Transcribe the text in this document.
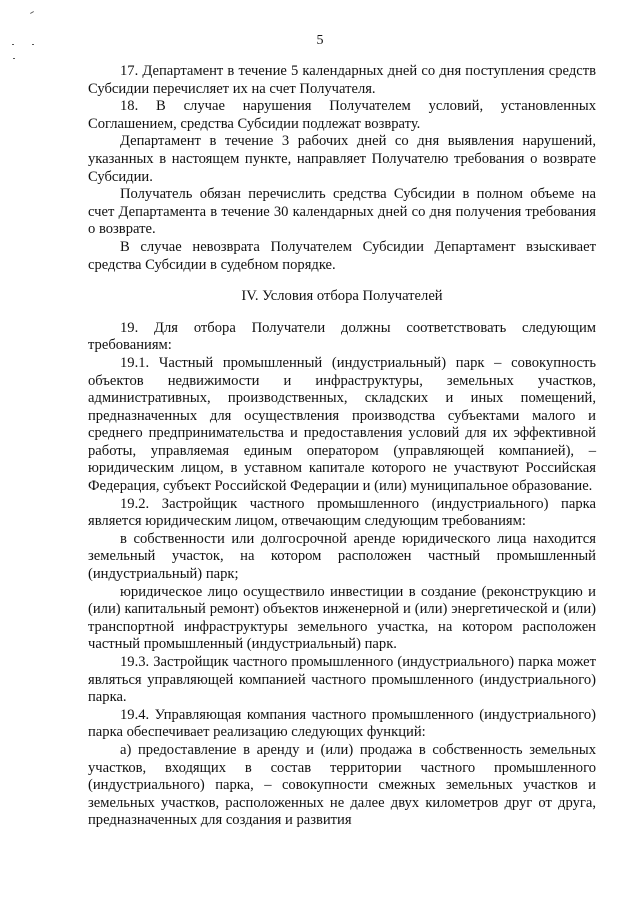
5

17. Департамент в течение 5 календарных дней со дня поступления средств Субсидии перечисляет их на счет Получателя.

18. В случае нарушения Получателем условий, установленных Соглашением, средства Субсидии подлежат возврату.

Департамент в течение 3 рабочих дней со дня выявления нарушений, указанных в настоящем пункте, направляет Получателю требования о возврате Субсидии.

Получатель обязан перечислить средства Субсидии в полном объеме на счет Департамента в течение 30 календарных дней со дня получения требования о возврате.

В случае невозврата Получателем Субсидии Департамент взыскивает средства Субсидии в судебном порядке.

IV. Условия отбора Получателей

19. Для отбора Получатели должны соответствовать следующим требованиям:

19.1. Частный промышленный (индустриальный) парк – совокупность объектов недвижимости и инфраструктуры, земельных участков, административных, производственных, складских и иных помещений, предназначенных для осуществления производства субъектами малого и среднего предпринимательства и предоставления условий для их эффективной работы, управляемая единым оператором (управляющей компанией), – юридическим лицом, в уставном капитале которого не участвуют Российская Федерация, субъект Российской Федерации и (или) муниципальное образование.

19.2. Застройщик частного промышленного (индустриального) парка является юридическим лицом, отвечающим следующим требованиям:

в собственности или долгосрочной аренде юридического лица находится земельный участок, на котором расположен частный промышленный (индустриальный) парк;

юридическое лицо осуществило инвестиции в создание (реконструкцию и (или) капитальный ремонт) объектов инженерной и (или) энергетической и (или) транспортной инфраструктуры земельного участка, на котором расположен частный промышленный (индустриальный) парк.

19.3. Застройщик частного промышленного (индустриального) парка может являться управляющей компанией частного промышленного (индустриального) парка.

19.4. Управляющая компания частного промышленного (индустриального) парка обеспечивает реализацию следующих функций:

а) предоставление в аренду и (или) продажа в собственность земельных участков, входящих в состав территории частного промышленного (индустриального) парка, – совокупности смежных земельных участков и земельных участков, расположенных не далее двух километров друг от друга, предназначенных для создания и развития
